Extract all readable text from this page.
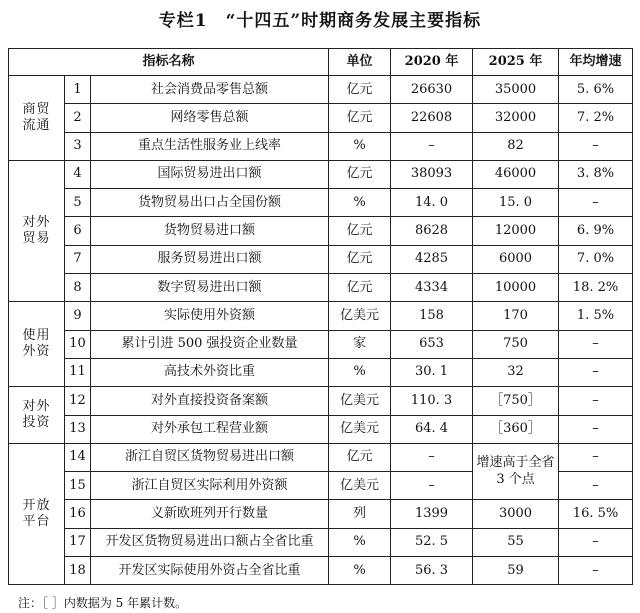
专栏1　“十四五”时期商务发展主要指标
指标名称			单位	2020 年	2025 年	年均增速
商贸流通	1	社会消费品零售总额	亿元	26630	35000	5. 6%
	2	网络零售总额	亿元	22608	32000	7. 2%
	3	重点生活性服务业上线率	%	–	82	–
对外贸易	4	国际贸易进出口额	亿元	38093	46000	3. 8%
	5	货物贸易出口占全国份额	%	14. 0	15. 0	–
	6	货物贸易进口额	亿元	8628	12000	6. 9%
	7	服务贸易进出口额	亿元	4285	6000	7. 0%
	8	数字贸易进出口额	亿元	4334	10000	18. 2%
使用外资	9	实际使用外资额	亿美元	158	170	1. 5%
	10	累计引进 500 强投资企业数量	家	653	750	–
	11	高技术外资比重	%	30. 1	32	–
对外投资	12	对外直接投资备案额	亿美元	110. 3	［750］	–
	13	对外承包工程营业额	亿美元	64. 4	［360］	–
开放平台	14	浙江自贸区货物贸易进出口额	亿元	–	增速高于全省 3 个点	–
	15	浙江自贸区实际利用外资额	亿美元	–		–
	16	义新欧班列开行数量	列	1399	3000	16. 5%
	17	开发区货物贸易进出口额占全省比重	%	52. 5	55	–
	18	开发区实际使用外资占全省比重	%	56. 3	59	–
注：［ ］内数据为 5 年累计数。
